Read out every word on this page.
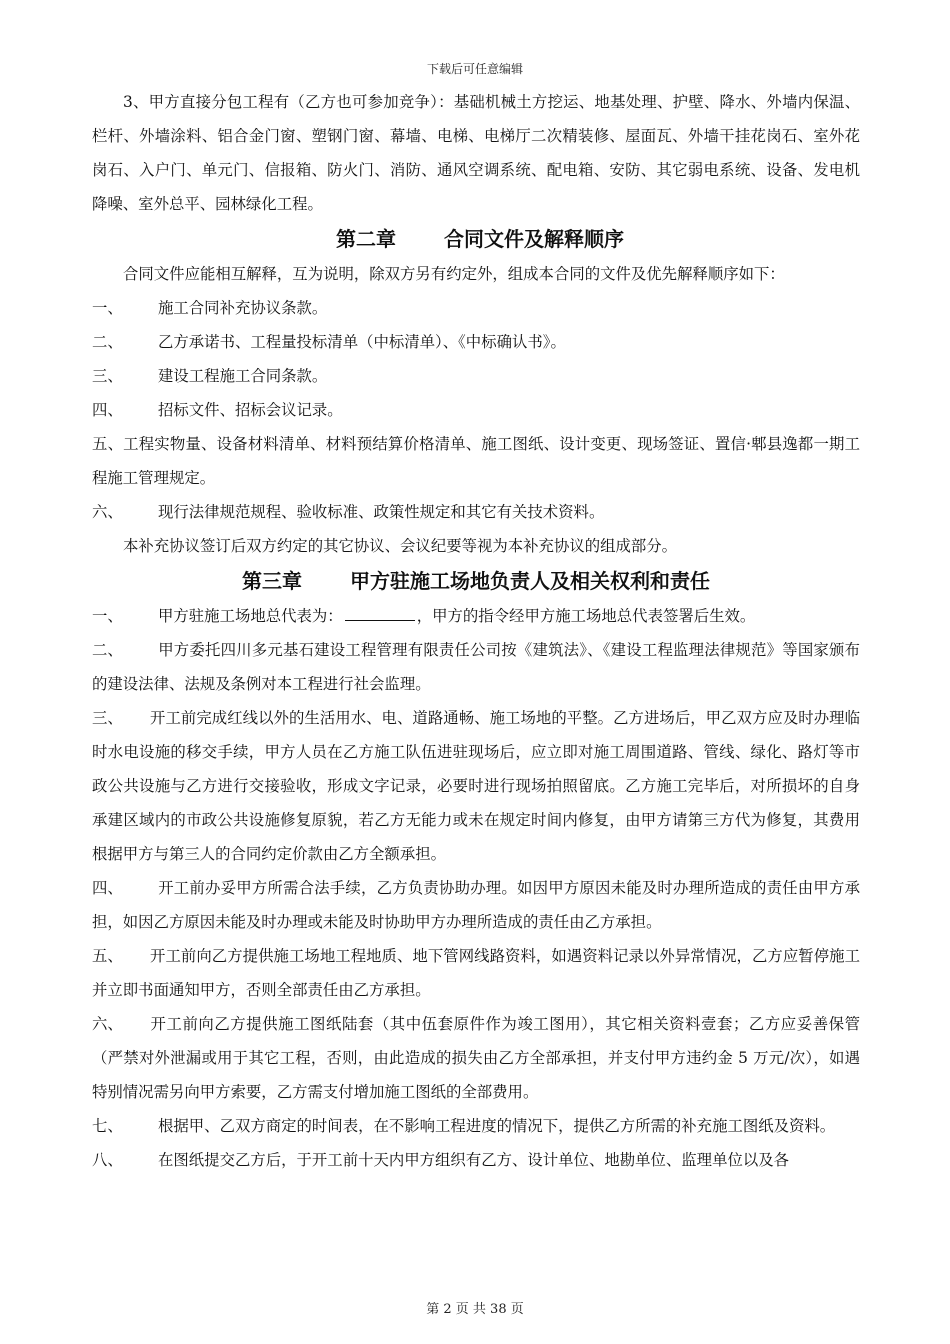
下载后可任意编辑

3、甲方直接分包工程有（乙方也可参加竞争）：基础机械土方挖运、地基处理、护壁、降水、外墙内保温、栏杆、外墙涂料、铝合金门窗、塑钢门窗、幕墙、电梯、电梯厅二次精装修、屋面瓦、外墙干挂花岗石、室外花岗石、入户门、单元门、信报箱、防火门、消防、通风空调系统、配电箱、安防、其它弱电系统、设备、发电机降噪、室外总平、园林绿化工程。

第二章 合同文件及解释顺序

合同文件应能相互解释，互为说明，除双方另有约定外，组成本合同的文件及优先解释顺序如下：

一、 施工合同补充协议条款。

二、 乙方承诺书、工程量投标清单（中标清单）、《中标确认书》。

三、 建设工程施工合同条款。

四、 招标文件、招标会议记录。

五、工程实物量、设备材料清单、材料预结算价格清单、施工图纸、设计变更、现场签证、置信·郫县逸都一期工程施工管理规定。

六、 现行法律规范规程、验收标准、政策性规定和其它有关技术资料。

本补充协议签订后双方约定的其它协议、会议纪要等视为本补充协议的组成部分。

第三章 甲方驻施工场地负责人及相关权利和责任

一、 甲方驻施工场地总代表为：	，甲方的指令经甲方施工场地总代表签署后生效。

二、 甲方委托四川多元基石建设工程管理有限责任公司按《建筑法》、《建设工程监理法律规范》等国家颁布的建设法律、法规及条例对本工程进行社会监理。

三、 开工前完成红线以外的生活用水、电、道路通畅、施工场地的平整。乙方进场后，甲乙双方应及时办理临时水电设施的移交手续，甲方人员在乙方施工队伍进驻现场后，应立即对施工周围道路、管线、绿化、路灯等市政公共设施与乙方进行交接验收，形成文字记录，必要时进行现场拍照留底。乙方施工完毕后，对所损坏的自身承建区域内的市政公共设施修复原貌，若乙方无能力或未在规定时间内修复，由甲方请第三方代为修复，其费用根据甲方与第三人的合同约定价款由乙方全额承担。

四、 开工前办妥甲方所需合法手续，乙方负责协助办理。如因甲方原因未能及时办理所造成的责任由甲方承担，如因乙方原因未能及时办理或未能及时协助甲方办理所造成的责任由乙方承担。

五、 开工前向乙方提供施工场地工程地质、地下管网线路资料，如遇资料记录以外异常情况，乙方应暂停施工并立即书面通知甲方，否则全部责任由乙方承担。

六、 开工前向乙方提供施工图纸陆套（其中伍套原件作为竣工图用），其它相关资料壹套；乙方应妥善保管（严禁对外泄漏或用于其它工程，否则，由此造成的损失由乙方全部承担，并支付甲方违约金 5 万元/次），如遇特别情况需另向甲方索要，乙方需支付增加施工图纸的全部费用。

七、 根据甲、乙双方商定的时间表，在不影响工程进度的情况下，提供乙方所需的补充施工图纸及资料。

八、 在图纸提交乙方后，于开工前十天内甲方组织有乙方、设计单位、地勘单位、监理单位以及各

第 2 页 共 38 页
